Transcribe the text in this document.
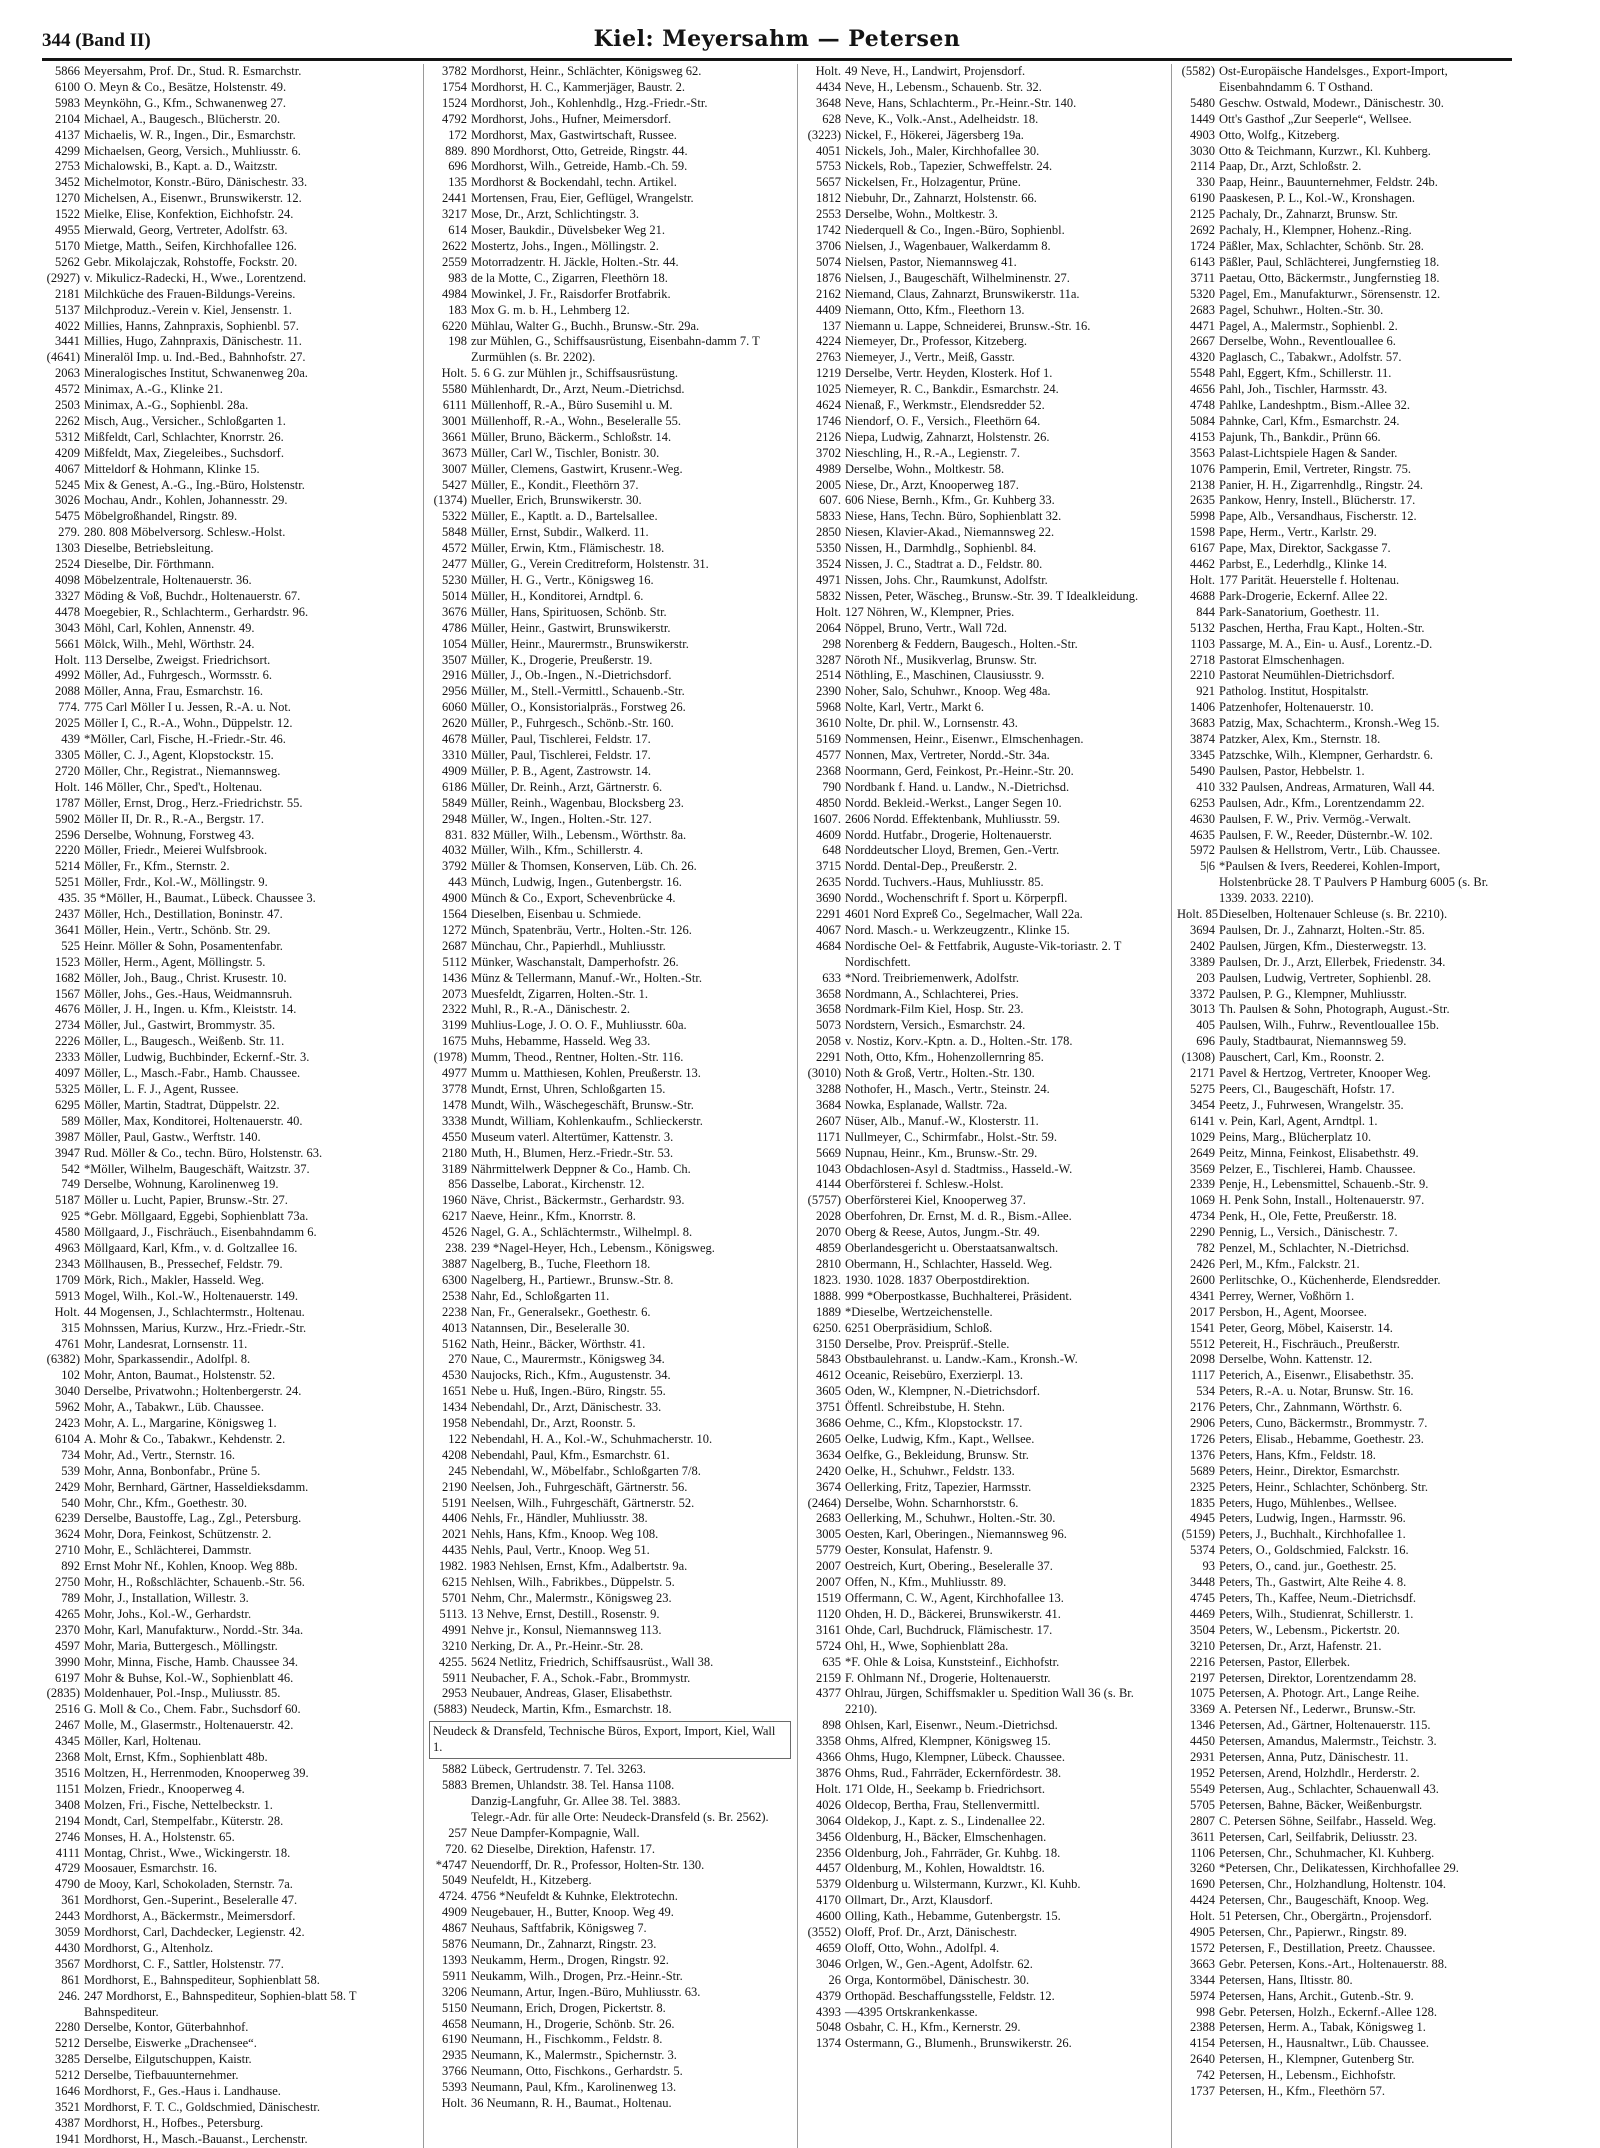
344 (Band II)	Kiel: Meyersahm — Petersen
5866 Meyersahm, Prof. Dr., Stud. R. Esmarchstr.
6100 O. Meyn & Co., Besätze, Holstenstr. 49.
5983 Meynköhn, G., Kfm., Schwanenweg 27.
2104 Michael, A., Baugesch., Blücherstr. 20.
4137 Michaelis, W. R., Ingen., Dir., Esmarchstr.
4299 Michaelsen, Georg, Versich., Muhliusstr. 6.
2753 Michalowski, B., Kapt. a. D., Waitzstr.
3452 Michelmotor, Konstr.-Büro, Dänischestr. 33.
1270 Michelsen, A., Eisenwr., Brunswikerstr. 12.
1522 Mielke, Elise, Konfektion, Eichhofstr. 24.
4955 Mierwald, Georg, Vertreter, Adolfstr. 63.
5170 Mietge, Matth., Seifen, Kirchhofallee 126.
5262 Gebr. Mikolajczak, Rohstoffe, Fockstr. 20.
(2927) v. Mikulicz-Radecki, H., Wwe., Lorentzend.
2181 Milchküche des Frauen-Bildungs-Vereins.
5137 Milchproduz.-Verein v. Kiel, Jensenstr. 1.
4022 Millies, Hanns, Zahnpraxis, Sophienbl. 57.
3441 Millies, Hugo, Zahnpraxis, Dänischestr. 11.
(4641) Mineralöl Imp. u. Ind.-Bed., Bahnhofstr. 27.
2063 Mineralogisches Institut, Schwanenweg 20a.
4572 Minimax, A.-G., Klinke 21.
2503 Minimax, A.-G., Sophienbl. 28a.
2262 Misch, Aug., Versicher., Schloßgarten 1.
5312 Mißfeldt, Carl, Schlachter, Knorrstr. 26.
4209 Mißfeldt, Max, Ziegeleibes., Suchsdorf.
4067 Mitteldorf & Hohmann, Klinke 15.
5245 Mix & Genest, A.-G., Ing.-Büro, Holstenstr.
3026 Mochau, Andr., Kohlen, Johannesstr. 29.
5475 Möbelgroßhandel, Ringstr. 89.
279. 280. 808 Möbelversorg. Schlesw.-Holst.
1303 Dieselbe, Betriebsleitung.
2524 Dieselbe, Dir. Förthmann.
4098 Möbelzentrale, Holtenauerstr. 36.
3327 Möding & Voß, Buchdr., Holtenauerstr. 67.
4478 Moegebier, R., Schlachterm., Gerhardstr. 96.
3043 Möhl, Carl, Kohlen, Annenstr. 49.
5661 Mölck, Wilh., Mehl, Wörthstr. 24.
Holt. 113 Derselbe, Zweigst. Friedrichsort.
4992 Möller, Ad., Fuhrgesch., Wormsstr. 6.
2088 Möller, Anna, Frau, Esmarchstr. 16.
774. 775 Carl Möller I u. Jessen, R.-A. u. Not.
2025 Möller I, C., R.-A., Wohn., Düppelstr. 12.
439 *Möller, Carl, Fische, H.-Friedr.-Str. 46.
3305 Möller, C. J., Agent, Klopstockstr. 15.
2720 Möller, Chr., Registrat., Niemannsweg.
Holt. 146 Möller, Chr., Sped't., Holtenau.
1787 Möller, Ernst, Drog., Herz.-Friedrichstr. 55.
5902 Möller II, Dr. R., R.-A., Bergstr. 17.
2596 Derselbe, Wohnung, Forstweg 43.
2220 Möller, Friedr., Meierei Wulfsbrook.
5214 Möller, Fr., Kfm., Sternstr. 2.
5251 Möller, Frdr., Kol.-W., Möllingstr. 9.
435. 35 *Möller, H., Baumat., Lübeck. Chaussee 3.
2437 Möller, Hch., Destillation, Boninstr. 47.
3641 Möller, Hein., Vertr., Schönb. Str. 29.
525 Heinr. Möller & Sohn, Posamentenfabr.
1523 Möller, Herm., Agent, Möllingstr. 5.
1682 Möller, Joh., Baug., Christ. Krusestr. 10.
1567 Möller, Johs., Ges.-Haus, Weidmannsruh.
4676 Möller, J. H., Ingen. u. Kfm., Kleiststr. 14.
2734 Möller, Jul., Gastwirt, Brommystr. 35.
2226 Möller, L., Baugesch., Weißenb. Str. 11.
2333 Möller, Ludwig, Buchbinder, Eckernf.-Str. 3.
4097 Möller, L., Masch.-Fabr., Hamb. Chaussee.
5325 Möller, L. F. J., Agent, Russee.
6295 Möller, Martin, Stadtrat, Düppelstr. 22.
589 Möller, Max, Konditorei, Holtenauerstr. 40.
3987 Möller, Paul, Gastw., Werftstr. 140.
3947 Rud. Möller & Co., techn. Büro, Holstenstr. 63.
542 *Möller, Wilhelm, Baugeschäft, Waitzstr. 37.
749 Derselbe, Wohnung, Karolinenweg 19.
5187 Möller u. Lucht, Papier, Brunsw.-Str. 27.
925 *Gebr. Möllgaard, Eggebi, Sophienblatt 73a.
4580 Möllgaard, J., Fischräuch., Eisenbahndamm 6.
4963 Möllgaard, Karl, Kfm., v. d. Goltzallee 16.
2343 Möllhausen, B., Pressechef, Feldstr. 79.
1709 Mörk, Rich., Makler, Hasseld. Weg.
5913 Mogel, Wilh., Kol.-W., Holtenauerstr. 149.
Holt. 44 Mogensen, J., Schlachtermstr., Holtenau.
315 Mohnssen, Marius, Kurzw., Hrz.-Friedr.-Str.
4761 Mohr, Landesrat, Lornsenstr. 11.
(6382) Mohr, Sparkassendir., Adolfpl. 8.
102 Mohr, Anton, Baumat., Holstenstr. 52.
3040 Derselbe, Privatwohn.; Holtenbergerstr. 24.
5962 Mohr, A., Tabakwr., Lüb. Chaussee.
2423 Mohr, A. L., Margarine, Königsweg 1.
6104 A. Mohr & Co., Tabakwr., Kehdenstr. 2.
734 Mohr, Ad., Vertr., Sternstr. 16.
539 Mohr, Anna, Bonbonfabr., Prüne 5.
2429 Mohr, Bernhard, Gärtner, Hasseldieksdamm.
540 Mohr, Chr., Kfm., Goethestr. 30.
6239 Derselbe, Baustoffe, Lag., Zgl., Petersburg.
3624 Mohr, Dora, Feinkost, Schützenstr. 2.
2710 Mohr, E., Schlächterei, Dammstr.
892 Ernst Mohr Nf., Kohlen, Knoop. Weg 88b.
2750 Mohr, H., Roßschlächter, Schauenb.-Str. 56.
789 Mohr, J., Installation, Willestr. 3.
4265 Mohr, Johs., Kol.-W., Gerhardstr.
2370 Mohr, Karl, Manufakturw., Nordd.-Str. 34a.
4597 Mohr, Maria, Buttergesch., Möllingstr.
3990 Mohr, Minna, Fische, Hamb. Chaussee 34.
6197 Mohr & Buhse, Kol.-W., Sophienblatt 46.
(2835) Moldenhauer, Pol.-Insp., Muliusstr. 85.
2516 G. Moll & Co., Chem. Fabr., Suchsdorf 60.
2467 Molle, M., Glasermstr., Holtenauerstr. 42.
4345 Möller, Karl, Holtenau.
2368 Molt, Ernst, Kfm., Sophienblatt 48b.
3516 Moltzen, H., Herrenmoden, Knooperweg 39.
1151 Molzen, Friedr., Knooperweg 4.
3408 Molzen, Fri., Fische, Nettelbeckstr. 1.
2194 Mondt, Carl, Stempelfabr., Küterstr. 28.
2746 Monses, H. A., Holstenstr. 65.
4111 Montag, Christ., Wwe., Wickingerstr. 18.
4729 Moosauer, Esmarchstr. 16.
4790 de Mooy, Karl, Schokoladen, Sternstr. 7a.
361 Mordhorst, Gen.-Superint., Beseleralle 47.
2443 Mordhorst, A., Bäckermstr., Meimersdorf.
3059 Mordhorst, Carl, Dachdecker, Legienstr. 42.
4430 Mordhorst, G., Altenholz.
3567 Mordhorst, C. F., Sattler, Holstenstr. 77.
861 Mordhorst, E., Bahnspediteur, Sophienblatt 58.
246. 247 Mordhorst, E., Bahnspediteur, Sophien-blatt 58. T Bahnspediteur.
2280 Derselbe, Kontor, Güterbahnhof.
5212 Derselbe, Eiswerke „Drachensee“.
3285 Derselbe, Eilgutschuppen, Kaistr.
5212 Derselbe, Tiefbauunternehmer.
1646 Mordhorst, F., Ges.-Haus i. Landhause.
3521 Mordhorst, F. T. C., Goldschmied, Dänischestr.
4387 Mordhorst, H., Hofbes., Petersburg.
1941 Mordhorst, H., Masch.-Bauanst., Lerchenstr.
3782 Mordhorst, Heinr., Schlächter, Königsweg 62.
1754 Mordhorst, H. C., Kammerjäger, Baustr. 2.
1524 Mordhorst, Joh., Kohlenhdlg., Hzg.-Friedr.-Str.
4792 Mordhorst, Johs., Hufner, Meimersdorf.
172 Mordhorst, Max, Gastwirtschaft, Russee.
889. 890 Mordhorst, Otto, Getreide, Ringstr. 44.
696 Mordhorst, Wilh., Getreide, Hamb.-Ch. 59.
135 Mordhorst & Bockendahl, techn. Artikel.
2441 Mortensen, Frau, Eier, Geflügel, Wrangelstr.
3217 Mose, Dr., Arzt, Schlichtingstr. 3.
614 Moser, Baukdir., Düvelsbeker Weg 21.
2622 Mostertz, Johs., Ingen., Möllingstr. 2.
2559 Motorradzentr. H. Jäckle, Holten.-Str. 44.
983 de la Motte, C., Zigarren, Fleethörn 18.
4984 Mowinkel, J. Fr., Raisdorfer Brotfabrik.
183 Mox G. m. b. H., Lehmberg 12.
6220 Mühlau, Walter G., Buchh., Brunsw.-Str. 29a.
198 zur Mühlen, G., Schiffsausrüstung, Eisenbahn-damm 7. T Zurmühlen (s. Br. 2202).
Holt. 5. 6 G. zur Mühlen jr., Schiffsausrüstung.
5580 Mühlenhardt, Dr., Arzt, Neum.-Dietrichsd.
6111 Müllenhoff, R.-A., Büro Susemihl u. M.
3001 Müllenhoff, R.-A., Wohn., Beseleralle 55.
3661 Müller, Bruno, Bäckerm., Schloßstr. 14.
3673 Müller, Carl W., Tischler, Bonistr. 30.
3007 Müller, Clemens, Gastwirt, Krusenr.-Weg.
5427 Müller, E., Kondit., Fleethörn 37.
(1374) Mueller, Erich, Brunswikerstr. 30.
5322 Müller, E., Kaptlt. a. D., Bartelsallee.
5848 Müller, Ernst, Subdir., Walkerd. 11.
4572 Müller, Erwin, Ktm., Flämischestr. 18.
2477 Müller, G., Verein Creditreform, Holstenstr. 31.
5230 Müller, H. G., Vertr., Königsweg 16.
5014 Müller, H., Konditorei, Arndtpl. 6.
3676 Müller, Hans, Spirituosen, Schönb. Str.
4786 Müller, Heinr., Gastwirt, Brunswikerstr.
1054 Müller, Heinr., Maurermstr., Brunswikerstr.
3507 Müller, K., Drogerie, Preußerstr. 19.
2916 Müller, J., Ob.-Ingen., N.-Dietrichsdorf.
2956 Müller, M., Stell.-Vermittl., Schauenb.-Str.
6060 Müller, O., Konsistorialpräs., Forstweg 26.
2620 Müller, P., Fuhrgesch., Schönb.-Str. 160.
4678 Müller, Paul, Tischlerei, Feldstr. 17.
3310 Müller, Paul, Tischlerei, Feldstr. 17.
4909 Müller, P. B., Agent, Zastrowstr. 14.
6186 Müller, Dr. Reinh., Arzt, Gärtnerstr. 6.
5849 Müller, Reinh., Wagenbau, Blocksberg 23.
2948 Müller, W., Ingen., Holten.-Str. 127.
831. 832 Müller, Wilh., Lebensm., Wörthstr. 8a.
4032 Müller, Wilh., Kfm., Schillerstr. 4.
3792 Müller & Thomsen, Konserven, Lüb. Ch. 26.
443 Münch, Ludwig, Ingen., Gutenbergstr. 16.
4900 Münch & Co., Export, Schevenbrücke 4.
1564 Dieselben, Eisenbau u. Schmiede.
1272 Münch, Spatenbräu, Vertr., Holten.-Str. 126.
2687 Münchau, Chr., Papierhdl., Muhliusstr.
5112 Münker, Waschanstalt, Damperhofstr. 26.
1436 Münz & Tellermann, Manuf.-Wr., Holten.-Str.
2073 Muesfeldt, Zigarren, Holten.-Str. 1.
2322 Muhl, R., R.-A., Dänischestr. 2.
3199 Muhlius-Loge, J. O. O. F., Muhliusstr. 60a.
1675 Muhs, Hebamme, Hasseld. Weg 33.
(1978) Mumm, Theod., Rentner, Holten.-Str. 116.
4977 Mumm u. Matthiesen, Kohlen, Preußerstr. 13.
3778 Mundt, Ernst, Uhren, Schloßgarten 15.
1478 Mundt, Wilh., Wäschegeschäft, Brunsw.-Str.
3338 Mundt, William, Kohlenkaufm., Schlieckerstr.
4550 Museum vaterl. Altertümer, Kattenstr. 3.
2180 Muth, H., Blumen, Herz.-Friedr.-Str. 53.
3189 Nährmittelwerk Deppner & Co., Hamb. Ch.
856 Dasselbe, Laborat., Kirchenstr. 12.
1960 Näve, Christ., Bäckermstr., Gerhardstr. 93.
6217 Naeve, Heinr., Kfm., Knorrstr. 8.
4526 Nagel, G. A., Schlächtermstr., Wilhelmpl. 8.
238. 239 *Nagel-Heyer, Hch., Lebensm., Königsweg.
3887 Nagelberg, B., Tuche, Fleethorn 18.
6300 Nagelberg, H., Partiewr., Brunsw.-Str. 8.
2538 Nahr, Ed., Schloßgarten 11.
2238 Nan, Fr., Generalsekr., Goethestr. 6.
4013 Natannsen, Dir., Beseleralle 30.
5162 Nath, Heinr., Bäcker, Wörthstr. 41.
270 Naue, C., Maurermstr., Königsweg 34.
4530 Naujocks, Rich., Kfm., Augustenstr. 34.
1651 Nebe u. Huß, Ingen.-Büro, Ringstr. 55.
1434 Nebendahl, Dr., Arzt, Dänischestr. 33.
1958 Nebendahl, Dr., Arzt, Roonstr. 5.
122 Nebendahl, H. A., Kol.-W., Schuhmacherstr. 10.
4208 Nebendahl, Paul, Kfm., Esmarchstr. 61.
245 Nebendahl, W., Möbelfabr., Schloßgarten 7/8.
2190 Neelsen, Joh., Fuhrgeschäft, Gärtnerstr. 56.
5191 Neelsen, Wilh., Fuhrgeschäft, Gärtnerstr. 52.
4406 Nehls, Fr., Händler, Muhliusstr. 38.
2021 Nehls, Hans, Kfm., Knoop. Weg 108.
4435 Nehls, Paul, Vertr., Knoop. Weg 51.
1982. 1983 Nehlsen, Ernst, Kfm., Adalbertstr. 9a.
6215 Nehlsen, Wilh., Fabrikbes., Düppelstr. 5.
5701 Nehm, Chr., Malermstr., Königsweg 23.
5113. 13 Nehve, Ernst, Destill., Rosenstr. 9.
4991 Nehve jr., Konsul, Niemannsweg 113.
3210 Nerking, Dr. A., Pr.-Heinr.-Str. 28.
4255. 5624 Netlitz, Friedrich, Schiffsausrüst., Wall 38.
5911 Neubacher, F. A., Schok.-Fabr., Brommystr.
2953 Neubauer, Andreas, Glaser, Elisabethstr.
(5883) Neudeck, Martin, Kfm., Esmarchstr. 18.
Neudeck & Dransfeld, Technische Büros, Export, Import, Kiel, Wall 1.
5882 Lübeck, Gertrudenstr. 7. Tel. 3263.
5883 Bremen, Uhlandstr. 38. Tel. Hansa 1108.
Danzig-Langfuhr, Gr. Allee 38. Tel. 3883.
Telegr.-Adr. für alle Orte: Neudeck-Dransfeld (s. Br. 2562).
257 Neue Dampfer-Kompagnie, Wall.
720. 62 Dieselbe, Direktion, Hafenstr. 17.
*4747 Neuendorff, Dr. R., Professor, Holten-Str. 130.
5049 Neufeldt, H., Kitzeberg.
4724. 4756 *Neufeldt & Kuhnke, Elektrotechn.
4909 Neugebauer, H., Butter, Knoop. Weg 49.
4867 Neuhaus, Saftfabrik, Königsweg 7.
5876 Neumann, Dr., Zahnarzt, Ringstr. 23.
1393 Neukamm, Herm., Drogen, Ringstr. 92.
5911 Neukamm, Wilh., Drogen, Prz.-Heinr.-Str.
3206 Neumann, Artur, Ingen.-Büro, Muhliusstr. 63.
5150 Neumann, Erich, Drogen, Pickertstr. 8.
4658 Neumann, H., Drogerie, Schönb. Str. 26.
6190 Neumann, H., Fischkomm., Feldstr. 8.
2935 Neumann, K., Malermstr., Spichernstr. 3.
3766 Neumann, Otto, Fischkons., Gerhardstr. 5.
5393 Neumann, Paul, Kfm., Karolinenweg 13.
Holt. 36 Neumann, R. H., Baumat., Holtenau.
Holt. 49 Neve, H., Landwirt, Projensdorf.
4434 Neve, H., Lebensm., Schauenb. Str. 32.
3648 Neve, Hans, Schlachterm., Pr.-Heinr.-Str. 140.
628 Neve, K., Volk.-Anst., Adelheidstr. 18.
(3223) Nickel, F., Hökerei, Jägersberg 19a.
4051 Nickels, Joh., Maler, Kirchhofallee 30.
5753 Nickels, Rob., Tapezier, Schweffelstr. 24.
5657 Nickelsen, Fr., Holzagentur, Prüne.
1812 Niebuhr, Dr., Zahnarzt, Holstenstr. 66.
2553 Derselbe, Wohn., Moltkestr. 3.
1742 Niederquell & Co., Ingen.-Büro, Sophienbl.
3706 Nielsen, J., Wagenbauer, Walkerdamm 8.
5074 Nielsen, Pastor, Niemannsweg 41.
1876 Nielsen, J., Baugeschäft, Wilhelminenstr. 27.
2162 Niemand, Claus, Zahnarzt, Brunswikerstr. 11a.
4409 Niemann, Otto, Kfm., Fleethorn 13.
137 Niemann u. Lappe, Schneiderei, Brunsw.-Str. 16.
4224 Niemeyer, Dr., Professor, Kitzeberg.
2763 Niemeyer, J., Vertr., Meiß, Gasstr.
1219 Derselbe, Vertr. Heyden, Klosterk. Hof 1.
1025 Niemeyer, R. C., Bankdir., Esmarchstr. 24.
4624 Nienaß, F., Werkmstr., Elendsredder 52.
1746 Niendorf, O. F., Versich., Fleethörn 64.
2126 Niepa, Ludwig, Zahnarzt, Holstenstr. 26.
3702 Nieschling, H., R.-A., Legienstr. 7.
4989 Derselbe, Wohn., Moltkestr. 58.
2005 Niese, Dr., Arzt, Knooperweg 187.
607. 606 Niese, Bernh., Kfm., Gr. Kuhberg 33.
5833 Niese, Hans, Techn. Büro, Sophienblatt 32.
2850 Niesen, Klavier-Akad., Niemannsweg 22.
5350 Nissen, H., Darmhdlg., Sophienbl. 84.
3524 Nissen, J. C., Stadtrat a. D., Feldstr. 80.
4971 Nissen, Johs. Chr., Raumkunst, Adolfstr.
5832 Nissen, Peter, Wäscheg., Brunsw.-Str. 39. T Idealkleidung.
Holt. 127 Nöhren, W., Klempner, Pries.
2064 Nöppel, Bruno, Vertr., Wall 72d.
298 Norenberg & Feddern, Baugesch., Holten.-Str.
3287 Nöroth Nf., Musikverlag, Brunsw. Str.
2514 Nöthling, E., Maschinen, Clausiusstr. 9.
2390 Noher, Salo, Schuhwr., Knoop. Weg 48a.
5968 Nolte, Karl, Vertr., Markt 6.
3610 Nolte, Dr. phil. W., Lornsenstr. 43.
5169 Nommensen, Heinr., Eisenwr., Elmschenhagen.
4577 Nonnen, Max, Vertreter, Nordd.-Str. 34a.
2368 Noormann, Gerd, Feinkost, Pr.-Heinr.-Str. 20.
790 Nordbank f. Hand. u. Landw., N.-Dietrichsd.
4850 Nordd. Bekleid.-Werkst., Langer Segen 10.
1607. 2606 Nordd. Effektenbank, Muhliusstr. 59.
4609 Nordd. Hutfabr., Drogerie, Holtenauerstr.
648 Norddeutscher Lloyd, Bremen, Gen.-Vertr.
3715 Nordd. Dental-Dep., Preußerstr. 2.
2635 Nordd. Tuchvers.-Haus, Muhliusstr. 85.
3690 Nordd., Wochenschrift f. Sport u. Körperpfl.
2291 4601 Nord Expreß Co., Segelmacher, Wall 22a.
4067 Nord. Masch.- u. Werkzeugzentr., Klinke 15.
4684 Nordische Oel- & Fettfabrik, Auguste-Vik-toriastr. 2. T Nordischfett.
633 *Nord. Treibriemenwerk, Adolfstr.
3658 Nordmann, A., Schlachterei, Pries.
3658 Nordmark-Film Kiel, Hosp. Str. 23.
5073 Nordstern, Versich., Esmarchstr. 24.
2058 v. Nostiz, Korv.-Kptn. a. D., Holten.-Str. 178.
2291 Noth, Otto, Kfm., Hohenzollernring 85.
(3010) Noth & Groß, Vertr., Holten.-Str. 130.
3288 Nothofer, H., Masch., Vertr., Steinstr. 24.
3684 Nowka, Esplanade, Wallstr. 72a.
2607 Nüser, Alb., Manuf.-W., Klosterstr. 11.
1171 Nullmeyer, C., Schirmfabr., Holst.-Str. 59.
5669 Nupnau, Heinr., Km., Brunsw.-Str. 29.
1043 Obdachlosen-Asyl d. Stadtmiss., Hasseld.-W.
4144 Oberförsterei f. Schlesw.-Holst.
(5757) Oberförsterei Kiel, Knooperweg 37.
2028 Oberfohren, Dr. Ernst, M. d. R., Bism.-Allee.
2070 Oberg & Reese, Autos, Jungm.-Str. 49.
4859 Oberlandesgericht u. Oberstaatsanwaltsch.
2810 Obermann, H., Schlachter, Hasseld. Weg.
1823. 1930. 1028. 1837 Oberpostdirektion.
1888. 999 *Oberpostkasse, Buchhalterei, Präsident.
1889 *Dieselbe, Wertzeichenstelle.
6250. 6251 Oberpräsidium, Schloß.
3150 Derselbe, Prov. Preisprüf.-Stelle.
5843 Obstbaulehranst. u. Landw.-Kam., Kronsh.-W.
4612 Oceanic, Reisebüro, Exerzierpl. 13.
3605 Oden, W., Klempner, N.-Dietrichsdorf.
3751 Öffentl. Schreibstube, H. Stehn.
3686 Oehme, C., Kfm., Klopstockstr. 17.
2605 Oelke, Ludwig, Kfm., Kapt., Wellsee.
3634 Oelfke, G., Bekleidung, Brunsw. Str.
2420 Oelke, H., Schuhwr., Feldstr. 133.
3674 Oellerking, Fritz, Tapezier, Harmsstr.
(2464) Derselbe, Wohn. Scharnhorststr. 6.
2683 Oellerking, M., Schuhwr., Holten.-Str. 30.
3005 Oesten, Karl, Oberingen., Niemannsweg 96.
5779 Oester, Konsulat, Hafenstr. 9.
2007 Oestreich, Kurt, Obering., Beseleralle 37.
2007 Offen, N., Kfm., Muhliusstr. 89.
1519 Offermann, C. W., Agent, Kirchhofallee 13.
1120 Ohden, H. D., Bäckerei, Brunswikerstr. 41.
3161 Ohde, Carl, Buchdruck, Flämischestr. 17.
5724 Ohl, H., Wwe, Sophienblatt 28a.
635 *F. Ohle & Loisa, Kunststeinf., Eichhofstr.
2159 F. Ohlmann Nf., Drogerie, Holtenauerstr.
4377 Ohlrau, Jürgen, Schiffsmakler u. Spedition Wall 36 (s. Br. 2210).
898 Ohlsen, Karl, Eisenwr., Neum.-Dietrichsd.
3358 Ohms, Alfred, Klempner, Königsweg 15.
4366 Ohms, Hugo, Klempner, Lübeck. Chaussee.
3876 Ohms, Rud., Fahrräder, Eckernfördestr. 38.
Holt. 171 Olde, H., Seekamp b. Friedrichsort.
4026 Oldecop, Bertha, Frau, Stellenvermittl.
3064 Oldekop, J., Kapt. z. S., Lindenallee 22.
3456 Oldenburg, H., Bäcker, Elmschenhagen.
2356 Oldenburg, Joh., Fahrräder, Gr. Kuhbg. 18.
4457 Oldenburg, M., Kohlen, Howaldtstr. 16.
5379 Oldenburg u. Wilstermann, Kurzwr., Kl. Kuhb.
4170 Ollmart, Dr., Arzt, Klausdorf.
4600 Olling, Kath., Hebamme, Gutenbergstr. 15.
(3552) Oloff, Prof. Dr., Arzt, Dänischestr.
4659 Oloff, Otto, Wohn., Adolfpl. 4.
3046 Orlgen, W., Gen.-Agent, Adolfstr. 62.
26 Orga, Kontormöbel, Dänischestr. 30.
4379 Orthopäd. Beschaffungsstelle, Feldstr. 12.
4393 —4395 Ortskrankenkasse.
5048 Osbahr, C. H., Kfm., Kernerstr. 29.
1374 Ostermann, G., Blumenh., Brunswikerstr. 26.
(5582) Ost-Europäische Handelsges., Export-Import, Eisenbahndamm 6. T Osthand.
5480 Geschw. Ostwald, Modewr., Dänischestr. 30.
1449 Ott's Gasthof „Zur Seeperle“, Wellsee.
4903 Otto, Wolfg., Kitzeberg.
3030 Otto & Teichmann, Kurzwr., Kl. Kuhberg.
2114 Paap, Dr., Arzt, Schloßstr. 2.
330 Paap, Heinr., Bauunternehmer, Feldstr. 24b.
6190 Paaskesen, P. L., Kol.-W., Kronshagen.
2125 Pachaly, Dr., Zahnarzt, Brunsw. Str.
2692 Pachaly, H., Klempner, Hohenz.-Ring.
1724 Päßler, Max, Schlachter, Schönb. Str. 28.
6143 Päßler, Paul, Schlächterei, Jungfernstieg 18.
3711 Paetau, Otto, Bäckermstr., Jungfernstieg 18.
5320 Pagel, Em., Manufakturwr., Sörensenstr. 12.
2683 Pagel, Schuhwr., Holten.-Str. 30.
4471 Pagel, A., Malermstr., Sophienbl. 2.
2667 Derselbe, Wohn., Reventlouallee 6.
4320 Paglasch, C., Tabakwr., Adolfstr. 57.
5548 Pahl, Eggert, Kfm., Schillerstr. 11.
4656 Pahl, Joh., Tischler, Harmsstr. 43.
4748 Pahlke, Landeshptm., Bism.-Allee 32.
5084 Pahnke, Carl, Kfm., Esmarchstr. 24.
4153 Pajunk, Th., Bankdir., Prünn 66.
3563 Palast-Lichtspiele Hagen & Sander.
1076 Pamperin, Emil, Vertreter, Ringstr. 75.
2138 Panier, H. H., Zigarrenhdlg., Ringstr. 24.
2635 Pankow, Henry, Instell., Blücherstr. 17.
5998 Pape, Alb., Versandhaus, Fischerstr. 12.
1598 Pape, Herm., Vertr., Karlstr. 29.
6167 Pape, Max, Direktor, Sackgasse 7.
4462 Parbst, E., Lederhdlg., Klinke 14.
Holt. 177 Parität. Heuerstelle f. Holtenau.
4688 Park-Drogerie, Eckernf. Allee 22.
844 Park-Sanatorium, Goethestr. 11.
5132 Paschen, Hertha, Frau Kapt., Holten.-Str.
1103 Passarge, M. A., Ein- u. Ausf., Lorentz.-D.
2718 Pastorat Elmschenhagen.
2210 Pastorat Neumühlen-Dietrichsdorf.
921 Patholog. Institut, Hospitalstr.
1406 Patzenhofer, Holtenauerstr. 10.
3683 Patzig, Max, Schachterm., Kronsh.-Weg 15.
3874 Patzker, Alex, Km., Sternstr. 18.
3345 Patzschke, Wilh., Klempner, Gerhardstr. 6.
5490 Paulsen, Pastor, Hebbelstr. 1.
410 332 Paulsen, Andreas, Armaturen, Wall 44.
6253 Paulsen, Adr., Kfm., Lorentzendamm 22.
4630 Paulsen, F. W., Priv. Vermög.-Verwalt.
4635 Paulsen, F. W., Reeder, Düsternbr.-W. 102.
5972 Paulsen & Hellstrom, Vertr., Lüb. Chaussee.
5|6 *Paulsen & Ivers, Reederei, Kohlen-Import, Holstenbrücke 28. T Paulvers P Hamburg 6005 (s. Br. 1339. 2033. 2210).
Holt. 85Dieselben, Holtenauer Schleuse (s. Br. 2210).
3694 Paulsen, Dr. J., Zahnarzt, Holten.-Str. 85.
2402 Paulsen, Jürgen, Kfm., Diesterwegstr. 13.
3389 Paulsen, Dr. J., Arzt, Ellerbek, Friedenstr. 34.
203 Paulsen, Ludwig, Vertreter, Sophienbl. 28.
3372 Paulsen, P. G., Klempner, Muhliusstr.
3013 Th. Paulsen & Sohn, Photograph, August.-Str.
405 Paulsen, Wilh., Fuhrw., Reventlouallee 15b.
696 Pauly, Stadtbaurat, Niemannsweg 59.
(1308) Pauschert, Carl, Km., Roonstr. 2.
2171 Pavel & Hertzog, Vertreter, Knooper Weg.
5275 Peers, Cl., Baugeschäft, Hofstr. 17.
3454 Peetz, J., Fuhrwesen, Wrangelstr. 35.
6141 v. Pein, Karl, Agent, Arndtpl. 1.
1029 Peins, Marg., Blücherplatz 10.
2649 Peitz, Minna, Feinkost, Elisabethstr. 49.
3569 Pelzer, E., Tischlerei, Hamb. Chaussee.
2339 Penje, H., Lebensmittel, Schauenb.-Str. 9.
1069 H. Penk Sohn, Install., Holtenauerstr. 97.
4734 Penk, H., Ole, Fette, Preußerstr. 18.
2290 Pennig, L., Versich., Dänischestr. 7.
782 Penzel, M., Schlachter, N.-Dietrichsd.
2426 Perl, M., Kfm., Falckstr. 21.
2600 Perlitschke, O., Küchenherde, Elendsredder.
4341 Perrey, Werner, Voßhörn 1.
2017 Persbon, H., Agent, Moorsee.
1541 Peter, Georg, Möbel, Kaiserstr. 14.
5512 Petereit, H., Fischräuch., Preußerstr.
2098 Derselbe, Wohn. Kattenstr. 12.
1117 Peterich, A., Eisenwr., Elisabethstr. 35.
534 Peters, R.-A. u. Notar, Brunsw. Str. 16.
2176 Peters, Chr., Zahnmann, Wörthstr. 6.
2906 Peters, Cuno, Bäckermstr., Brommystr. 7.
1726 Peters, Elisab., Hebamme, Goethestr. 23.
1376 Peters, Hans, Kfm., Feldstr. 18.
5689 Peters, Heinr., Direktor, Esmarchstr.
2325 Peters, Heinr., Schlachter, Schönberg. Str.
1835 Peters, Hugo, Mühlenbes., Wellsee.
4945 Peters, Ludwig, Ingen., Harmsstr. 96.
(5159) Peters, J., Buchhalt., Kirchhofallee 1.
5374 Peters, O., Goldschmied, Falckstr. 16.
93 Peters, O., cand. jur., Goethestr. 25.
3448 Peters, Th., Gastwirt, Alte Reihe 4. 8.
4745 Peters, Th., Kaffee, Neum.-Dietrichsdf.
4469 Peters, Wilh., Studienrat, Schillerstr. 1.
3504 Peters, W., Lebensm., Pickertstr. 20.
3210 Petersen, Dr., Arzt, Hafenstr. 21.
2216 Petersen, Pastor, Ellerbek.
2197 Petersen, Direktor, Lorentzendamm 28.
1075 Petersen, A. Photogr. Art., Lange Reihe.
3369 A. Petersen Nf., Lederwr., Brunsw.-Str.
1346 Petersen, Ad., Gärtner, Holtenauerstr. 115.
4450 Petersen, Amandus, Malermstr., Teichstr. 3.
2931 Petersen, Anna, Putz, Dänischestr. 11.
1952 Petersen, Arend, Holzhdlr., Herderstr. 2.
5549 Petersen, Aug., Schlachter, Schauenwall 43.
5705 Petersen, Bahne, Bäcker, Weißenburgstr.
2807 C. Petersen Söhne, Seilfabr., Hasseld. Weg.
3611 Petersen, Carl, Seilfabrik, Deliusstr. 23.
1106 Petersen, Chr., Schuhmacher, Kl. Kuhberg.
3260 *Petersen, Chr., Delikatessen, Kirchhofallee 29.
1690 Petersen, Chr., Holzhandlung, Holtenstr. 104.
4424 Petersen, Chr., Baugeschäft, Knoop. Weg.
Holt. 51 Petersen, Chr., Obergärtn., Projensdorf.
4905 Petersen, Chr., Papierwr., Ringstr. 89.
1572 Petersen, F., Destillation, Preetz. Chaussee.
3663 Gebr. Petersen, Kons.-Art., Holtenauerstr. 88.
3344 Petersen, Hans, Iltisstr. 80.
5974 Petersen, Hans, Archit., Gutenb.-Str. 9.
998 Gebr. Petersen, Holzh., Eckernf.-Allee 128.
2388 Petersen, Herm. A., Tabak, Königsweg 1.
4154 Petersen, H., Hausnaltwr., Lüb. Chaussee.
2640 Petersen, H., Klempner, Gutenberg Str.
742 Petersen, H., Lebensm., Eichhofstr.
1737 Petersen, H., Kfm., Fleethörn 57.
